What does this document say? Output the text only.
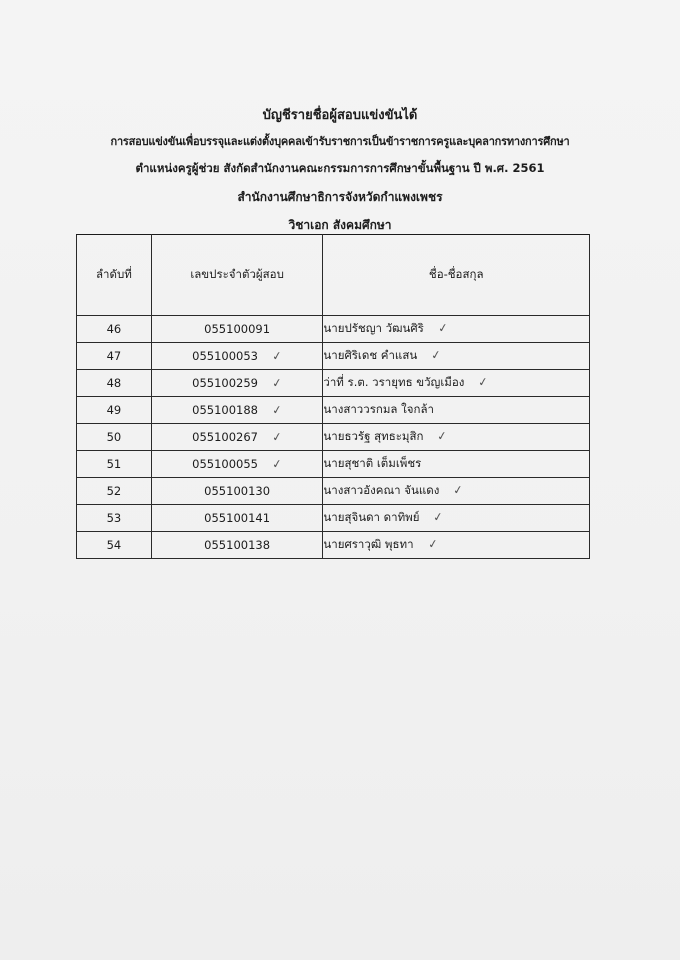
บัญชีรายชื่อผู้สอบแข่งขันได้
การสอบแข่งขันเพื่อบรรจุและแต่งตั้งบุคคลเข้ารับราชการเป็นข้าราชการครูและบุคลากรทางการศึกษา
ตำแหน่งครูผู้ช่วย สังกัดสำนักงานคณะกรรมการการศึกษาขั้นพื้นฐาน ปี พ.ศ. 2561
สำนักงานศึกษาธิการจังหวัดกำแพงเพชร
วิชาเอก สังคมศึกษา
ลำดับที่	เลขประจำตัวผู้สอบ	ชื่อ-ชื่อสกุล
46	055100091	นายปรัชญา วัฒนศิริ ✓
47	055100053 ✓	นายศิริเดช คำแสน ✓
48	055100259 ✓	ว่าที่ ร.ต. วรายุทธ ขวัญเมือง ✓
49	055100188 ✓	นางสาววรกมล ใจกล้า
50	055100267 ✓	นายธวรัฐ สุทธะมุสิก ✓
51	055100055 ✓	นายสุชาติ เต็มเพ็ชร
52	055100130	นางสาวอังคณา จันแดง ✓
53	055100141	นายสุจินดา ดาทิพย์ ✓
54	055100138	นายศราวุฒิ พุธทา ✓
